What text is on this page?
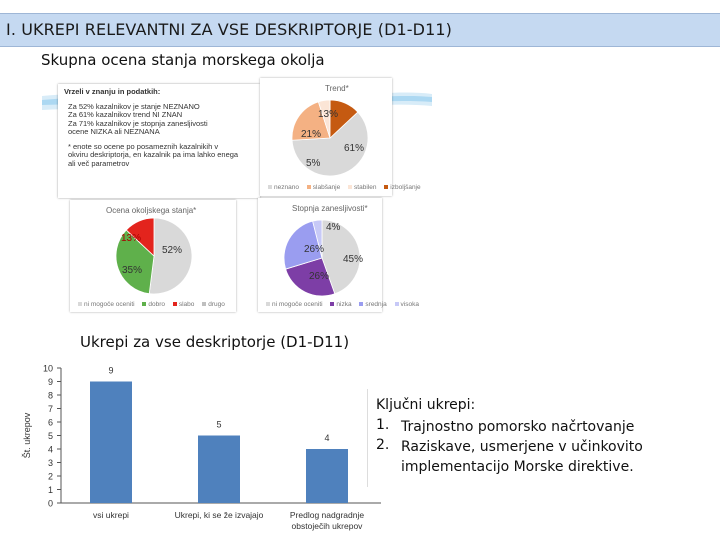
I. UKREPI RELEVANTNI ZA VSE DESKRIPTORJE (D1-D11)
Skupna ocena stanja morskega okolja
Vrzeli v znanju in podatkih:
Za 52% kazalnikov je stanje NEZNANO
Za 61% kazalnikov trend NI ZNAN
Za 71% kazalnikov je stopnja zanesljivosti
ocene NIZKA ali NEZNANA
* enote so ocene po posameznih kazalnikih v
okviru deskriptorja, en kazalnik pa ima lahko enega
ali več parametrov
Trend*
61%
21%
5%
13%
neznano slabšanje stabilen izboljšanje
Ocena okoljskega stanja*
52%
35%
13%
ni mogoče oceniti dobro slabo drugo
Stopnja zanesljivosti*
45%
26%
26%
4%
ni mogoče oceniti nizka srednja visoka
Ukrepi za vse deskriptorje (D1-D11)
0
1
2
3
4
5
6
7
8
9
10
Št. ukrepov
9
vsi ukrepi
5
Ukrepi, ki se že izvajajo
4
Predlog nadgradnje
obstoječih ukrepov
Ključni ukrepi:
1. Trajnostno pomorsko načrtovanje
2. Raziskave, usmerjene v učinkovito implementacijo Morske direktive.
